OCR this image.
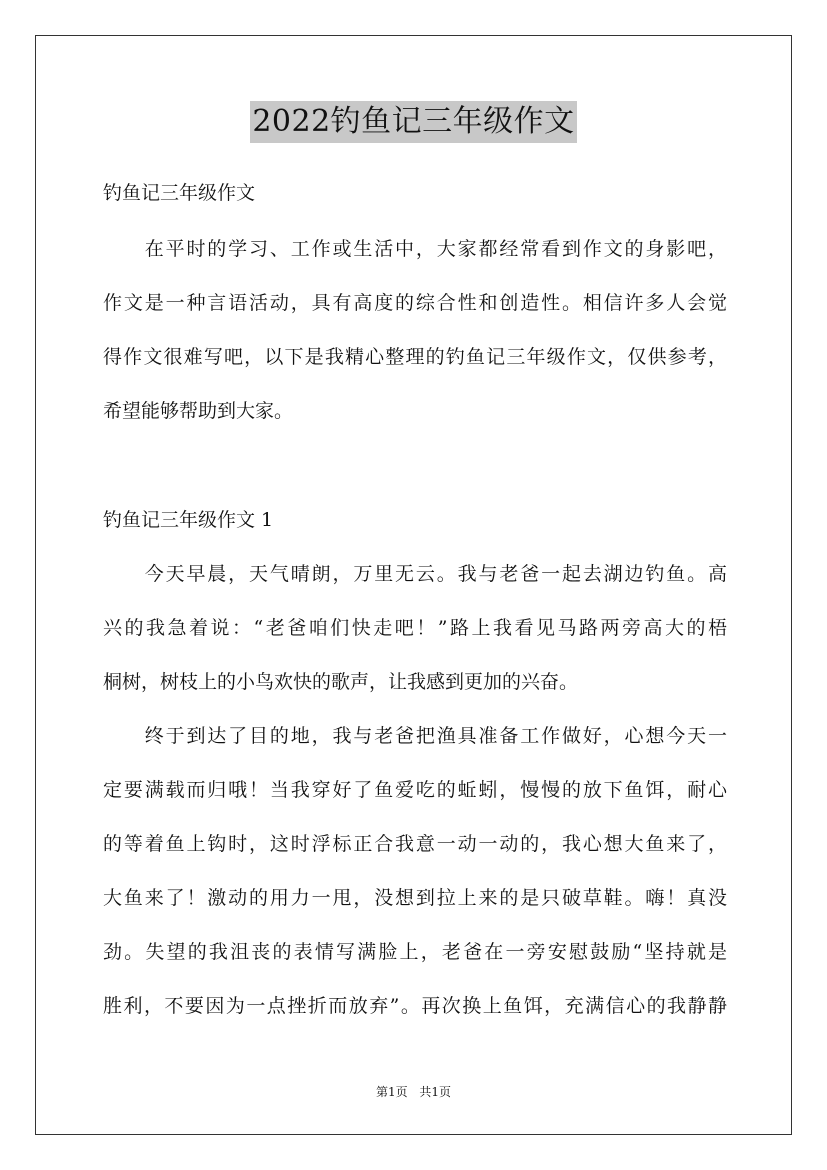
2022钓鱼记三年级作文
钓鱼记三年级作文
　　在平时的学习、工作或生活中，大家都经常看到作文的身影吧，
作文是一种言语活动，具有高度的综合性和创造性。相信许多人会觉
得作文很难写吧，以下是我精心整理的钓鱼记三年级作文，仅供参考，
希望能够帮助到大家。
钓鱼记三年级作文 1
　　今天早晨，天气晴朗，万里无云。我与老爸一起去湖边钓鱼。高
兴的我急着说：“老爸咱们快走吧！”路上我看见马路两旁高大的梧
桐树，树枝上的小鸟欢快的歌声，让我感到更加的兴奋。
　　终于到达了目的地，我与老爸把渔具准备工作做好，心想今天一
定要满载而归哦！当我穿好了鱼爱吃的蚯蚓，慢慢的放下鱼饵，耐心
的等着鱼上钩时，这时浮标正合我意一动一动的，我心想大鱼来了，
大鱼来了！激动的用力一甩，没想到拉上来的是只破草鞋。嗨！真没
劲。失望的我沮丧的表情写满脸上，老爸在一旁安慰鼓励“坚持就是
胜利，不要因为一点挫折而放弃”。再次换上鱼饵，充满信心的我静静
第1页 共1页
